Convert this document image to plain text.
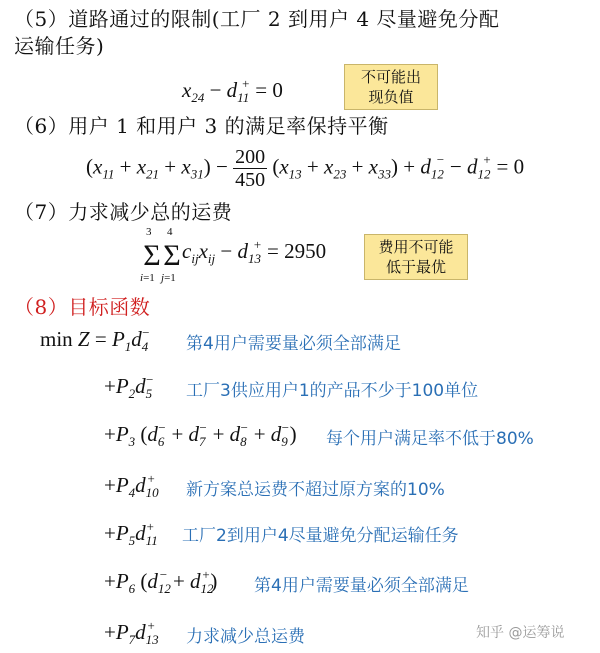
（5）道路通过的限制(工厂 2 到用户 4 尽量避免分配
运输任务)
$x_{24} - d_{11}^+ = 0$
不可能出
现负值
（6）用户 1 和用户 3 的满足率保持平衡
$(x_{11} + x_{21} + x_{31}) - \frac{200}{450} (x_{13} + x_{23} + x_{33}) + d_{12}^- - d_{12}^+ = 0$
（7）力求减少总的运费
3
Σ
i=1
4
Σ
j=1
$c_{ij}x_{ij} - d_{13}^+ = 2950$	费用不可能
低于最优
（8）目标函数
$\min Z = P_1d_4^-$
第4用户需要量必须全部满足
$+P_2d_5^-$
工厂3供应用户1的产品不少于100单位
$+P_3$ $(d_6^- + d_7^- + d_8^- + d_9^-)$ 每个用户满足率不低于80%
$+P_4d_{10}^+$
新方案总运费不超过原方案的10%
$+P_5d_{11}^+$ 工厂2到用户4尽量避免分配运输任务
$+P_6$ $(d_{12}^- + d_{12}^+)$ 第4用户需要量必须全部满足
$+P_7d_{13}^+$
力求减少总运费	知乎 @运筹说
